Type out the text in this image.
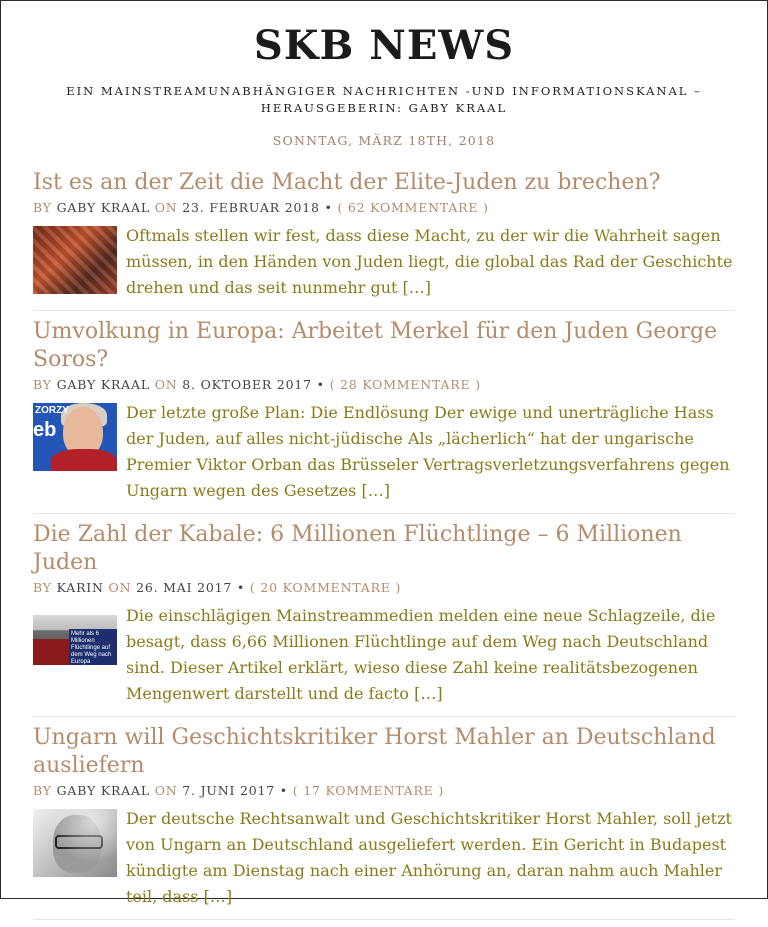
SKB NEWS
EIN MAINSTREAMUNABHÄNGIGER NACHRICHTEN -UND INFORMATIONSKANAL – HERAUSGEBERIN: GABY KRAAL
SONNTAG, MÄRZ 18TH, 2018
Ist es an der Zeit die Macht der Elite-Juden zu brechen?
BY GABY KRAAL ON 23. FEBRUAR 2018 • ( 62 KOMMENTARE )

Oftmals stellen wir fest, dass diese Macht, zu der wir die Wahrheit sagen müssen, in den Händen von Juden liegt, die global das Rad der Geschichte drehen und das seit nunmehr gut […]

Umvolkung in Europa: Arbeitet Merkel für den Juden George Soros?
BY GABY KRAAL ON 8. OKTOBER 2017 • ( 28 KOMMENTARE )
ZORZY
eb

Der letzte große Plan: Die Endlösung Der ewige und unerträgliche Hass der Juden, auf alles nicht-jüdische Als „lächerlich“ hat der ungarische Premier Viktor Orban das Brüsseler Vertragsverletzungsverfahrens gegen Ungarn wegen des Gesetzes […]

Die Zahl der Kabale: 6 Millionen Flüchtlinge – 6 Millionen Juden
BY KARIN ON 26. MAI 2017 • ( 20 KOMMENTARE )
Mehr als 6 Millionen Flüchtlinge auf dem Weg nach Europa

Die einschlägigen Mainstreammedien melden eine neue Schlagzeile, die besagt, dass 6,66 Millionen Flüchtlinge auf dem Weg nach Deutschland sind. Dieser Artikel erklärt, wieso diese Zahl keine realitätsbezogenen Mengenwert darstellt und de facto […]

Ungarn will Geschichtskritiker Horst Mahler an Deutschland ausliefern
BY GABY KRAAL ON 7. JUNI 2017 • ( 17 KOMMENTARE )

Der deutsche Rechtsanwalt und Geschichtskritiker Horst Mahler, soll jetzt von Ungarn an Deutschland ausgeliefert werden. Ein Gericht in Budapest kündigte am Dienstag nach einer Anhörung an, daran nahm auch Mahler teil, dass […]
